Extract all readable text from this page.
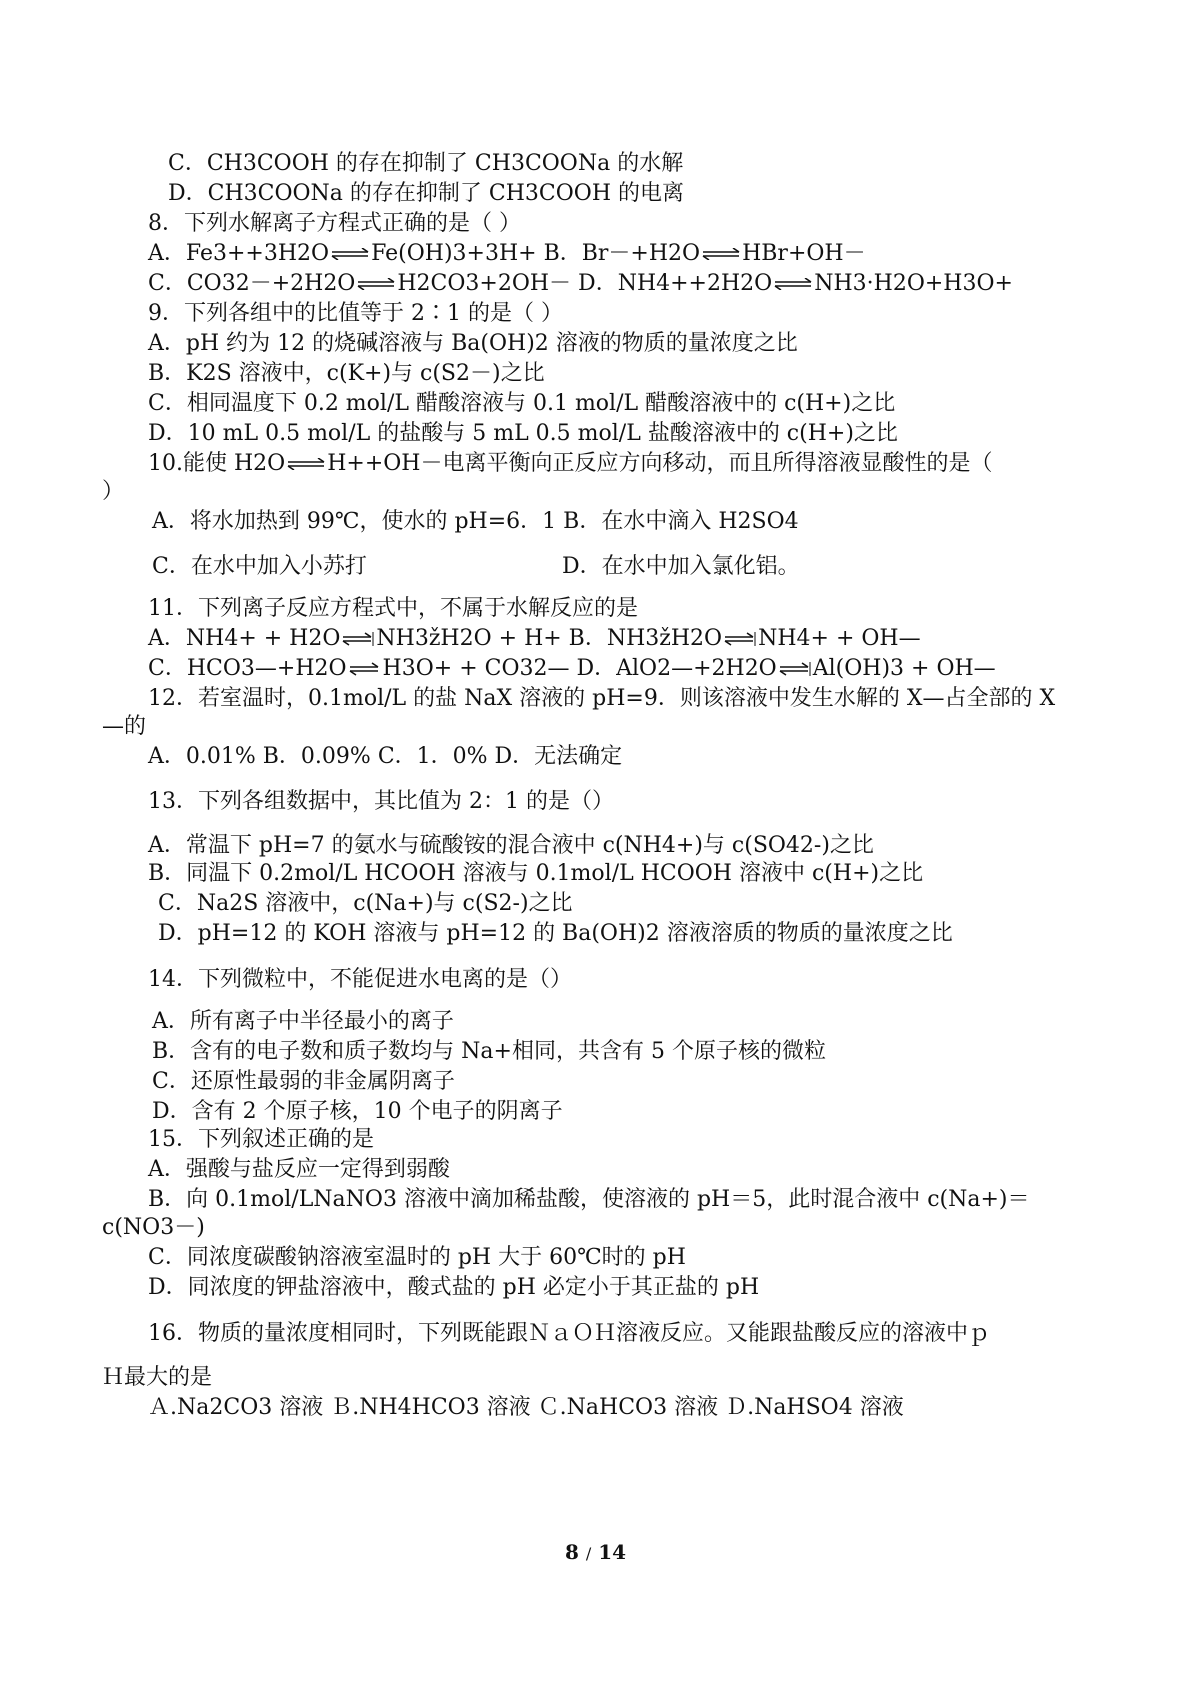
C．CH3COOH 的存在抑制了 CH3COONa 的水解
D．CH3COONa 的存在抑制了 CH3COOH 的电离
8．下列水解离子方程式正确的是（ ）
A．Fe3++3H2O⇌Fe(OH)3+3H+ B．Br－+H2O⇌HBr+OH－
C．CO32－+2H2O⇌H2CO3+2OH－ D．NH4++2H2O⇌NH3·H2O+H3O+
9．下列各组中的比值等于 2∶1 的是（ ）
A．pH 约为 12 的烧碱溶液与 Ba(OH)2 溶液的物质的量浓度之比
B．K2S 溶液中，c(K+)与 c(S2－)之比
C．相同温度下 0.2 mol/L 醋酸溶液与 0.1 mol/L 醋酸溶液中的 c(H+)之比
D．10 mL 0.5 mol/L 的盐酸与 5 mL 0.5 mol/L 盐酸溶液中的 c(H+)之比
10.能使 H2O⇌H++OH－电离平衡向正反应方向移动，而且所得溶液显酸性的是（
）
A．将水加热到 99℃，使水的 pH=6．1 B．在水中滴入 H2SO4
C．在水中加入小苏打	D．在水中加入氯化铝。
11．下列离子反应方程式中，不属于水解反应的是
A．NH4+ + H2O⇌NH3žH2O + H+ B．NH3žH2O⇌NH4+ + OH—
C．HCO3—+H2O⇌H3O+ + CO32— D．AlO2—+2H2O⇌Al(OH)3 + OH—
12．若室温时，0.1mol/L 的盐 NaX 溶液的 pH=9．则该溶液中发生水解的 X—占全部的 X
—的
A．0.01% B．0.09% C．1．0% D．无法确定
13．下列各组数据中，其比值为 2：1 的是（）
A．常温下 pH=7 的氨水与硫酸铵的混合液中 c(NH4+)与 c(SO42-)之比
B．同温下 0.2mol/L HCOOH 溶液与 0.1mol/L HCOOH 溶液中 c(H+)之比
C．Na2S 溶液中，c(Na+)与 c(S2-)之比
D．pH=12 的 KOH 溶液与 pH=12 的 Ba(OH)2 溶液溶质的物质的量浓度之比
14．下列微粒中，不能促进水电离的是（）
A．所有离子中半径最小的离子
B．含有的电子数和质子数均与 Na+相同，共含有 5 个原子核的微粒
C．还原性最弱的非金属阴离子
D．含有 2 个原子核，10 个电子的阴离子
15．下列叙述正确的是
A．强酸与盐反应一定得到弱酸
B．向 0.1mol/LNaNO3 溶液中滴加稀盐酸，使溶液的 pH＝5，此时混合液中 c(Na+)＝
c(NO3－)
C．同浓度碳酸钠溶液室温时的 pH 大于 60℃时的 pH
D．同浓度的钾盐溶液中，酸式盐的 pH 必定小于其正盐的 pH
16．物质的量浓度相同时，下列既能跟ＮａＯＨ溶液反应。又能跟盐酸反应的溶液中ｐ
Ｈ最大的是
Ａ.Na2CO3 溶液 Ｂ.NH4HCO3 溶液 Ｃ.NaHCO3 溶液 Ｄ.NaHSO4 溶液
8 / 14
